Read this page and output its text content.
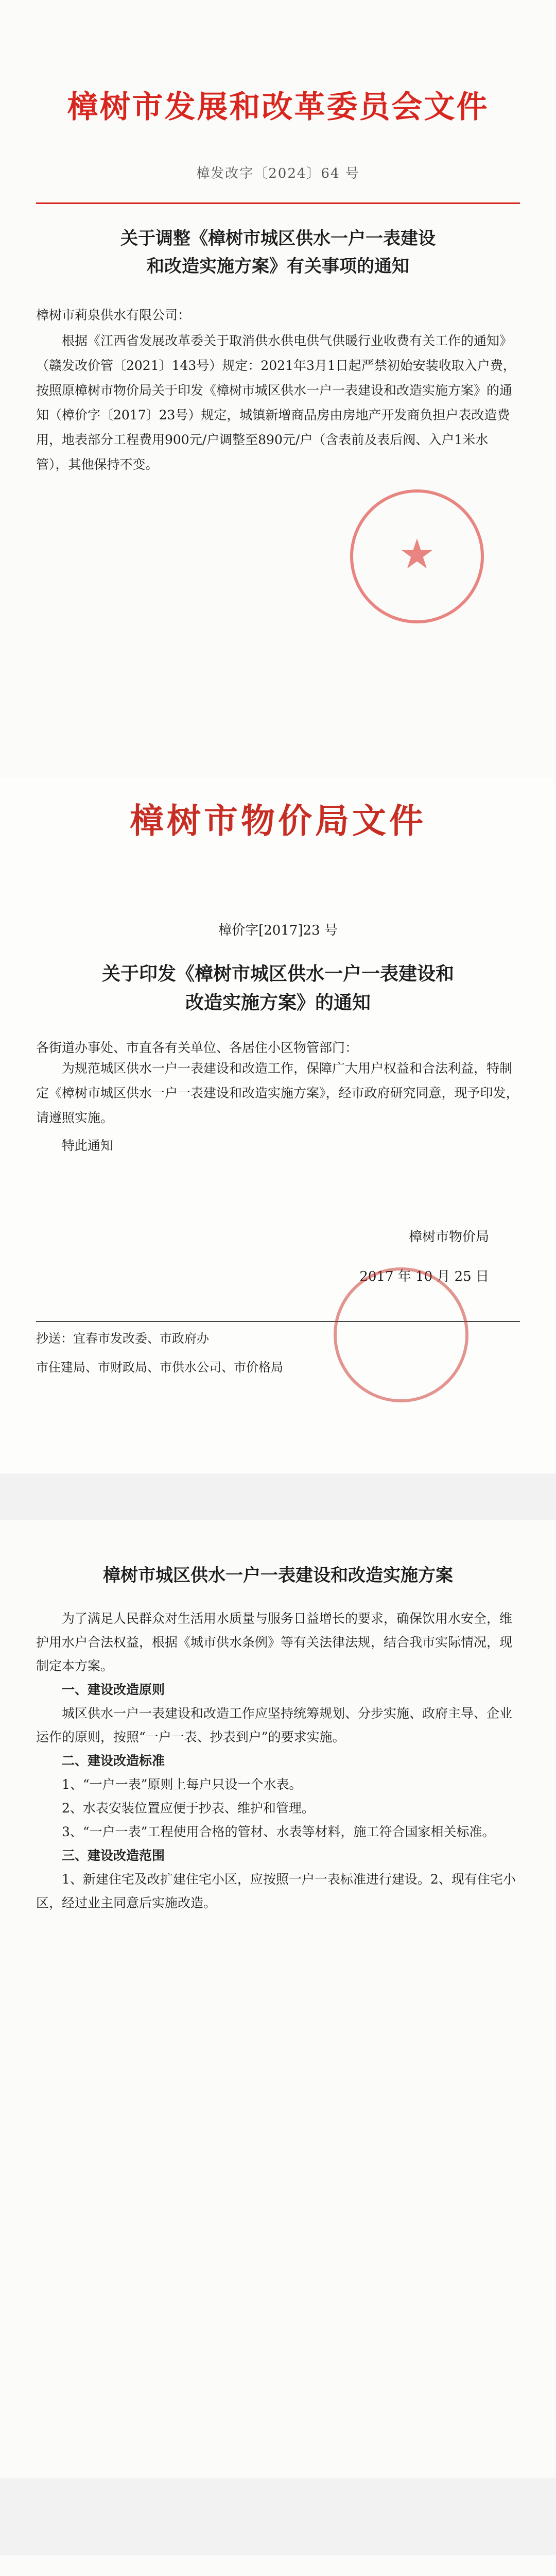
樟树市发展和改革委员会文件
樟发改字〔2024〕64 号
关于调整《樟树市城区供水一户一表建设
和改造实施方案》有关事项的通知
樟树市莉泉供水有限公司：
根据《江西省发展改革委关于取消供水供电供气供暖行业收费有关工作的通知》（赣发改价管〔2021〕143号）规定：2021年3月1日起严禁初始安装收取入户费，按照原樟树市物价局关于印发《樟树市城区供水一户一表建设和改造实施方案》的通知（樟价字〔2017〕23号）规定，城镇新增商品房由房地产开发商负担户表改造费用，地表部分工程费用900元/户调整至890元/户（含表前及表后阀、入户1米水管），其他保持不变。
★
樟树市物价局文件
樟价字[2017]23 号
关于印发《樟树市城区供水一户一表建设和
改造实施方案》的通知
各街道办事处、市直各有关单位、各居住小区物管部门：
为规范城区供水一户一表建设和改造工作，保障广大用户权益和合法利益，特制定《樟树市城区供水一户一表建设和改造实施方案》，经市政府研究同意，现予印发，请遵照实施。
特此通知
樟树市物价局
2017 年 10 月 25 日
抄送：宜春市发改委、市政府办
市住建局、市财政局、市供水公司、市价格局
樟树市城区供水一户一表建设和改造实施方案
为了满足人民群众对生活用水质量与服务日益增长的要求，确保饮用水安全，维护用水户合法权益，根据《城市供水条例》等有关法律法规，结合我市实际情况，现制定本方案。
一、建设改造原则
城区供水一户一表建设和改造工作应坚持统筹规划、分步实施、政府主导、企业运作的原则，按照“一户一表、抄表到户”的要求实施。
二、建设改造标准
1、“一户一表”原则上每户只设一个水表。
2、水表安装位置应便于抄表、维护和管理。
3、“一户一表”工程使用合格的管材、水表等材料，施工符合国家相关标准。
三、建设改造范围
1、新建住宅及改扩建住宅小区，应按照一户一表标准进行建设。2、现有住宅小区，经过业主同意后实施改造。
